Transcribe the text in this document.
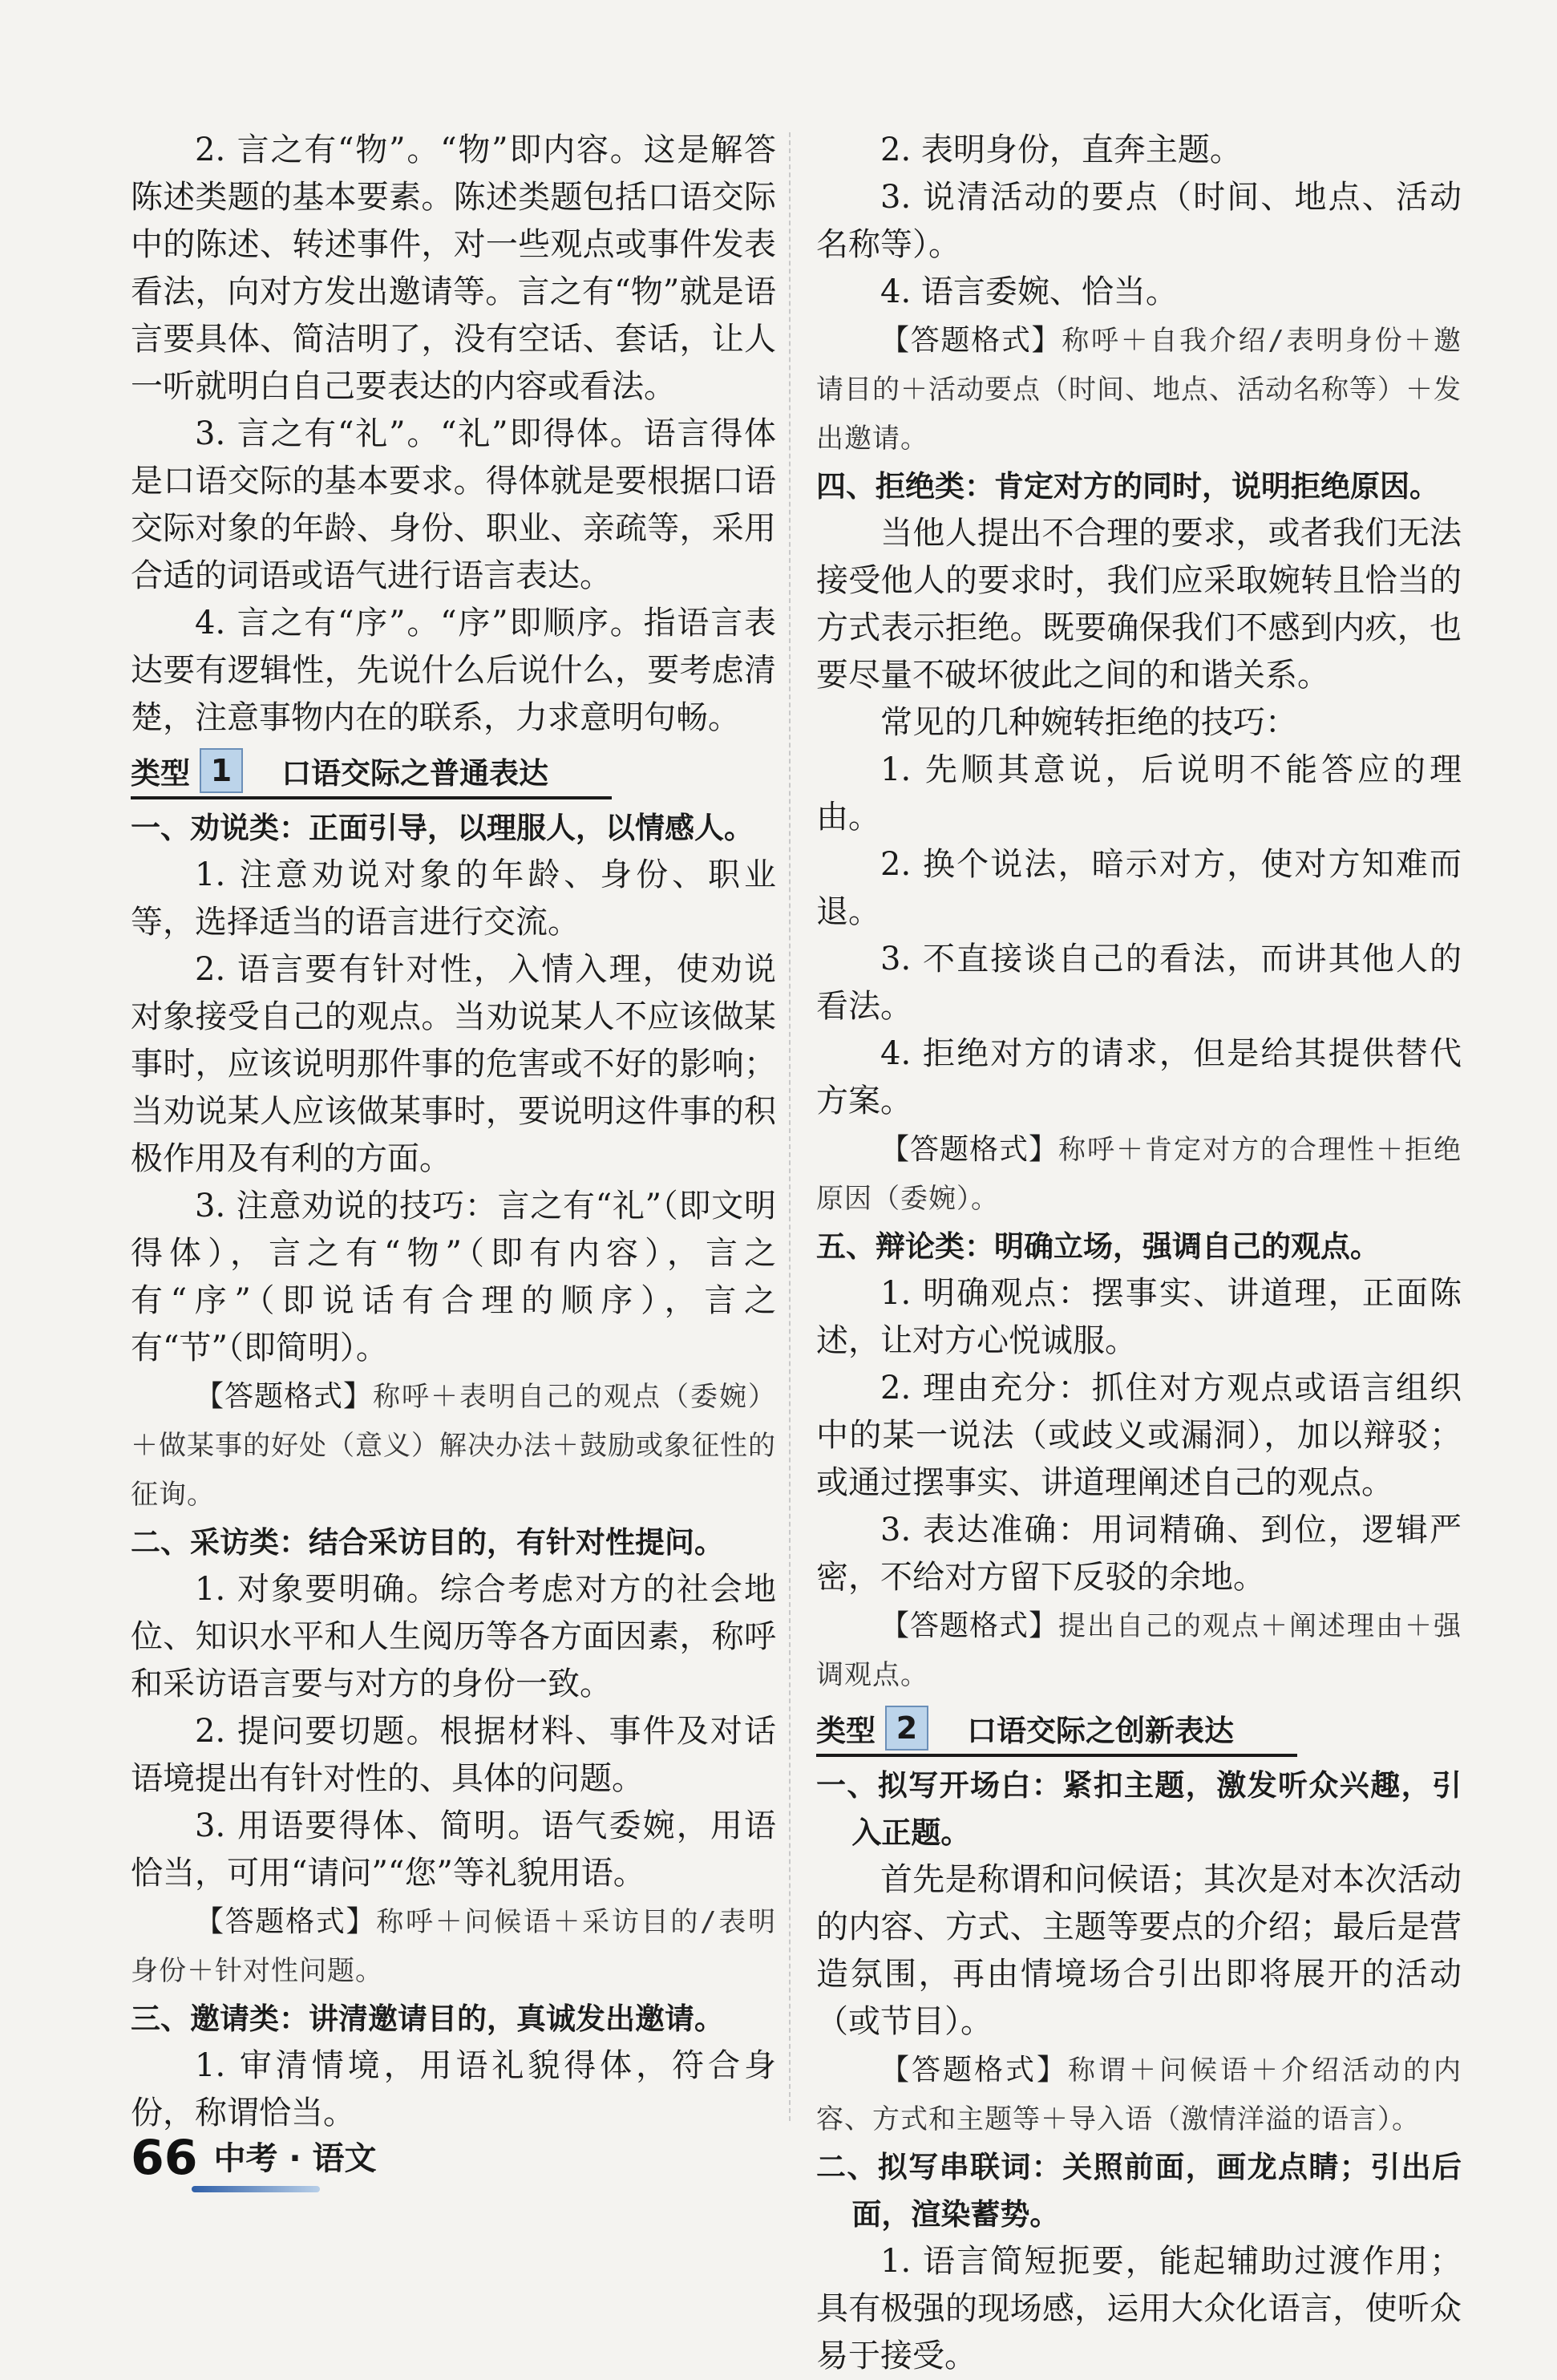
2. 言之有“物”。“物”即内容。这是解答陈述类题的基本要素。陈述类题包括口语交际中的陈述、转述事件，对一些观点或事件发表看法，向对方发出邀请等。言之有“物”就是语言要具体、简洁明了，没有空话、套话，让人一听就明白自己要表达的内容或看法。

3. 言之有“礼”。“礼”即得体。语言得体是口语交际的基本要求。得体就是要根据口语交际对象的年龄、身份、职业、亲疏等，采用合适的词语或语气进行语言表达。

4. 言之有“序”。“序”即顺序。指语言表达要有逻辑性，先说什么后说什么，要考虑清楚，注意事物内在的联系，力求意明句畅。

类型 1	口语交际之普通表达

一、劝说类：正面引导，以理服人，以情感人。

1. 注意劝说对象的年龄、身份、职业等，选择适当的语言进行交流。

2. 语言要有针对性，入情入理，使劝说对象接受自己的观点。当劝说某人不应该做某事时，应该说明那件事的危害或不好的影响；当劝说某人应该做某事时，要说明这件事的积极作用及有利的方面。

3. 注意劝说的技巧：言之有“礼”（即文明得体），言之有“物”（即有内容），言之有“序”（即说话有合理的顺序），言之有“节”（即简明）。

【答题格式】称呼＋表明自己的观点（委婉）＋做某事的好处（意义）解决办法＋鼓励或象征性的征询。

二、采访类：结合采访目的，有针对性提问。

1. 对象要明确。综合考虑对方的社会地位、知识水平和人生阅历等各方面因素，称呼和采访语言要与对方的身份一致。

2. 提问要切题。根据材料、事件及对话语境提出有针对性的、具体的问题。

3. 用语要得体、简明。语气委婉，用语恰当，可用“请问”“您”等礼貌用语。

【答题格式】称呼＋问候语＋采访目的/表明身份＋针对性问题。

三、邀请类：讲清邀请目的，真诚发出邀请。

1. 审清情境，用语礼貌得体，符合身份，称谓恰当。

2. 表明身份，直奔主题。

3. 说清活动的要点（时间、地点、活动名称等）。

4. 语言委婉、恰当。

【答题格式】称呼＋自我介绍/表明身份＋邀请目的＋活动要点（时间、地点、活动名称等）＋发出邀请。

四、拒绝类：肯定对方的同时，说明拒绝原因。

当他人提出不合理的要求，或者我们无法接受他人的要求时，我们应采取婉转且恰当的方式表示拒绝。既要确保我们不感到内疚，也要尽量不破坏彼此之间的和谐关系。

常见的几种婉转拒绝的技巧：

1. 先顺其意说，后说明不能答应的理由。

2. 换个说法，暗示对方，使对方知难而退。

3. 不直接谈自己的看法，而讲其他人的看法。

4. 拒绝对方的请求，但是给其提供替代方案。

【答题格式】称呼＋肯定对方的合理性＋拒绝原因（委婉）。

五、辩论类：明确立场，强调自己的观点。

1. 明确观点：摆事实、讲道理，正面陈述，让对方心悦诚服。

2. 理由充分：抓住对方观点或语言组织中的某一说法（或歧义或漏洞），加以辩驳；或通过摆事实、讲道理阐述自己的观点。

3. 表达准确：用词精确、到位，逻辑严密，不给对方留下反驳的余地。

【答题格式】提出自己的观点＋阐述理由＋强调观点。

类型 2	口语交际之创新表达

一、拟写开场白：紧扣主题，激发听众兴趣，引入正题。

首先是称谓和问候语；其次是对本次活动的内容、方式、主题等要点的介绍；最后是营造氛围，再由情境场合引出即将展开的活动（或节目）。

【答题格式】称谓＋问候语＋介绍活动的内容、方式和主题等＋导入语（激情洋溢的语言）。

二、拟写串联词：关照前面，画龙点睛；引出后面，渲染蓄势。

1. 语言简短扼要，能起辅助过渡作用；具有极强的现场感，运用大众化语言，使听众易于接受。

66 中考 · 语文
